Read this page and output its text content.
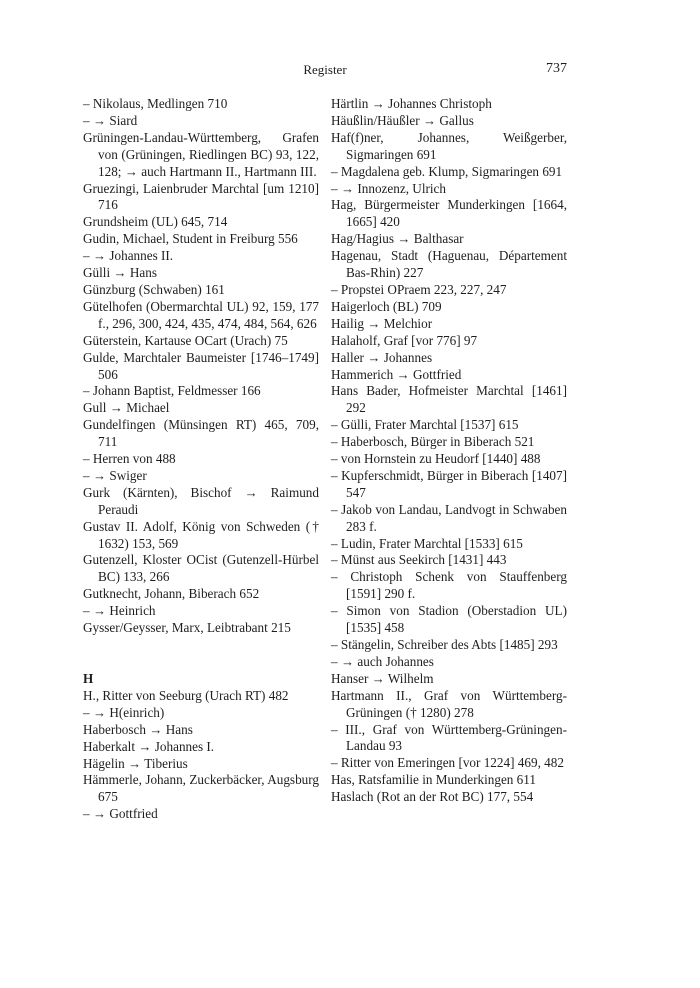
Register	737
– Nikolaus, Medlingen 710
– → Siard
Grüningen-Landau-Württemberg, Grafen von (Grüningen, Riedlingen BC) 93, 122, 128; → auch Hartmann II., Hartmann III.
Gruezingi, Laienbruder Marchtal [um 1210] 716
Grundsheim (UL) 645, 714
Gudin, Michael, Student in Freiburg 556
– → Johannes II.
Gülli → Hans
Günzburg (Schwaben) 161
Gütelhofen (Obermarchtal UL) 92, 159, 177 f., 296, 300, 424, 435, 474, 484, 564, 626
Güterstein, Kartause OCart (Urach) 75
Gulde, Marchtaler Baumeister [1746–1749] 506
– Johann Baptist, Feldmesser 166
Gull → Michael
Gundelfingen (Münsingen RT) 465, 709, 711
– Herren von 488
– → Swiger
Gurk (Kärnten), Bischof → Raimund Peraudi
Gustav II. Adolf, König von Schweden († 1632) 153, 569
Gutenzell, Kloster OCist (Gutenzell-Hürbel BC) 133, 266
Gutknecht, Johann, Biberach 652
– → Heinrich
Gysser/Geysser, Marx, Leibtrabant 215
H
H., Ritter von Seeburg (Urach RT) 482
– → H(einrich)
Haberbosch → Hans
Haberkalt → Johannes I.
Hägelin → Tiberius
Hämmerle, Johann, Zuckerbäcker, Augsburg 675
– → Gottfried
Härtlin → Johannes Christoph
Häußlin/Häußler → Gallus
Haf(f)ner, Johannes, Weißgerber, Sigmaringen 691
– Magdalena geb. Klump, Sigmaringen 691
– → Innozenz, Ulrich
Hag, Bürgermeister Munderkingen [1664, 1665] 420
Hag/Hagius → Balthasar
Hagenau, Stadt (Haguenau, Département Bas-Rhin) 227
– Propstei OPraem 223, 227, 247
Haigerloch (BL) 709
Hailig → Melchior
Halaholf, Graf [vor 776] 97
Haller → Johannes
Hammerich → Gottfried
Hans Bader, Hofmeister Marchtal [1461] 292
– Gülli, Frater Marchtal [1537] 615
– Haberbosch, Bürger in Biberach 521
– von Hornstein zu Heudorf [1440] 488
– Kupferschmidt, Bürger in Biberach [1407] 547
– Jakob von Landau, Landvogt in Schwaben 283 f.
– Ludin, Frater Marchtal [1533] 615
– Münst aus Seekirch [1431] 443
– Christoph Schenk von Stauffenberg [1591] 290 f.
– Simon von Stadion (Oberstadion UL) [1535] 458
– Stängelin, Schreiber des Abts [1485] 293
– → auch Johannes
Hanser → Wilhelm
Hartmann II., Graf von Württemberg-Grüningen († 1280) 278
– III., Graf von Württemberg-Grüningen-Landau 93
– Ritter von Emeringen [vor 1224] 469, 482
Has, Ratsfamilie in Munderkingen 611
Haslach (Rot an der Rot BC) 177, 554
